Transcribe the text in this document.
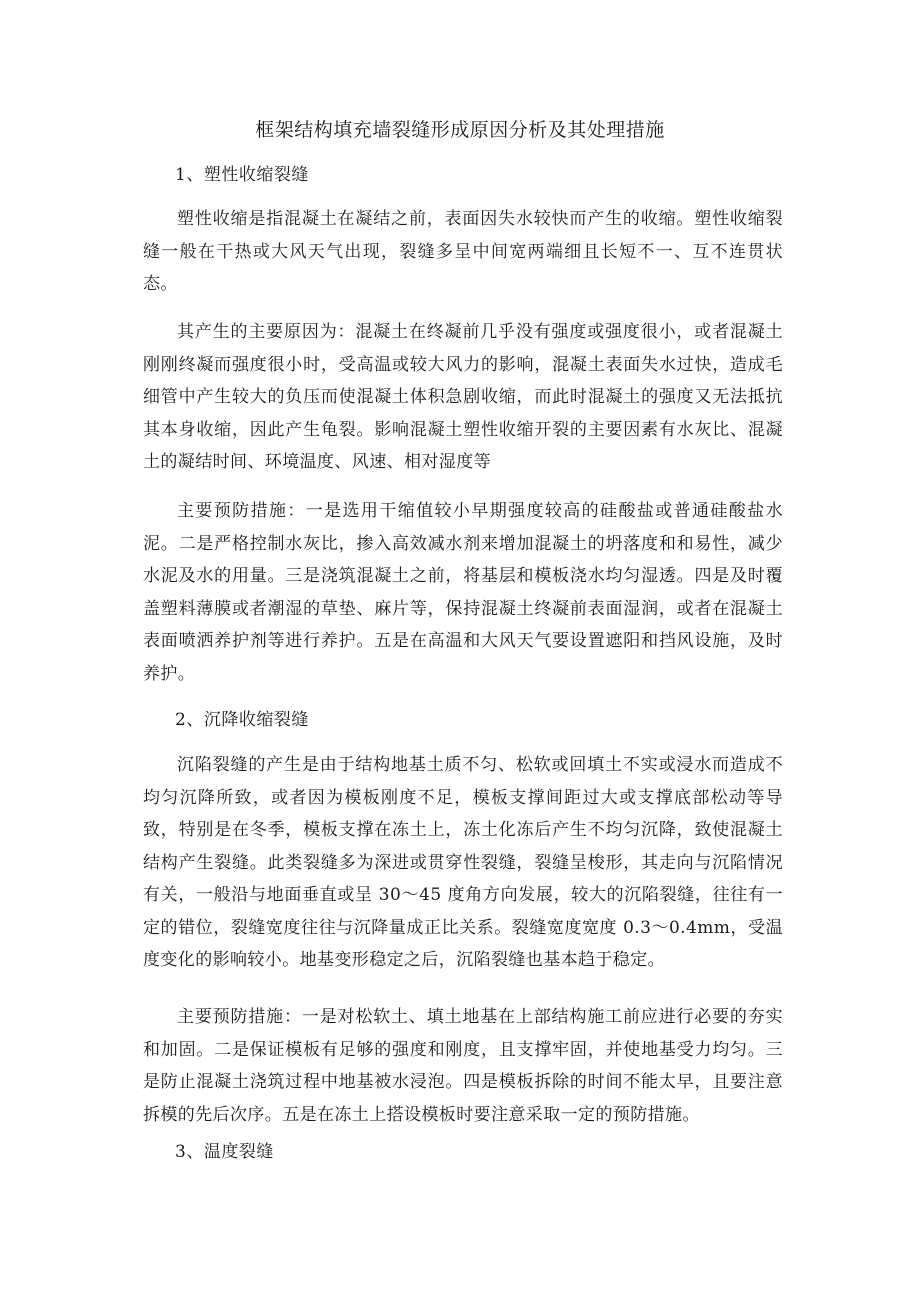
框架结构填充墙裂缝形成原因分析及其处理措施
1、塑性收缩裂缝

塑性收缩是指混凝土在凝结之前，表面因失水较快而产生的收缩。塑性收缩裂缝一般在干热或大风天气出现，裂缝多呈中间宽两端细且长短不一、互不连贯状态。

其产生的主要原因为：混凝土在终凝前几乎没有强度或强度很小，或者混凝土刚刚终凝而强度很小时，受高温或较大风力的影响，混凝土表面失水过快，造成毛细管中产生较大的负压而使混凝土体积急剧收缩，而此时混凝土的强度又无法抵抗其本身收缩，因此产生龟裂。影响混凝土塑性收缩开裂的主要因素有水灰比、混凝土的凝结时间、环境温度、风速、相对湿度等

主要预防措施：一是选用干缩值较小早期强度较高的硅酸盐或普通硅酸盐水泥。二是严格控制水灰比，掺入高效减水剂来增加混凝土的坍落度和和易性，减少水泥及水的用量。三是浇筑混凝土之前，将基层和模板浇水均匀湿透。四是及时覆盖塑料薄膜或者潮湿的草垫、麻片等，保持混凝土终凝前表面湿润，或者在混凝土表面喷洒养护剂等进行养护。五是在高温和大风天气要设置遮阳和挡风设施，及时养护。

2、沉降收缩裂缝

沉陷裂缝的产生是由于结构地基土质不匀、松软或回填土不实或浸水而造成不均匀沉降所致，或者因为模板刚度不足，模板支撑间距过大或支撑底部松动等导致，特别是在冬季，模板支撑在冻土上，冻土化冻后产生不均匀沉降，致使混凝土结构产生裂缝。此类裂缝多为深进或贯穿性裂缝，裂缝呈梭形，其走向与沉陷情况有关，一般沿与地面垂直或呈 30～45 度角方向发展，较大的沉陷裂缝，往往有一定的错位，裂缝宽度往往与沉降量成正比关系。裂缝宽度宽度 0.3～0.4mm，受温度变化的影响较小。地基变形稳定之后，沉陷裂缝也基本趋于稳定。

主要预防措施：一是对松软土、填土地基在上部结构施工前应进行必要的夯实和加固。二是保证模板有足够的强度和刚度，且支撑牢固，并使地基受力均匀。三是防止混凝土浇筑过程中地基被水浸泡。四是模板拆除的时间不能太早，且要注意拆模的先后次序。五是在冻土上搭设模板时要注意采取一定的预防措施。

3、温度裂缝
